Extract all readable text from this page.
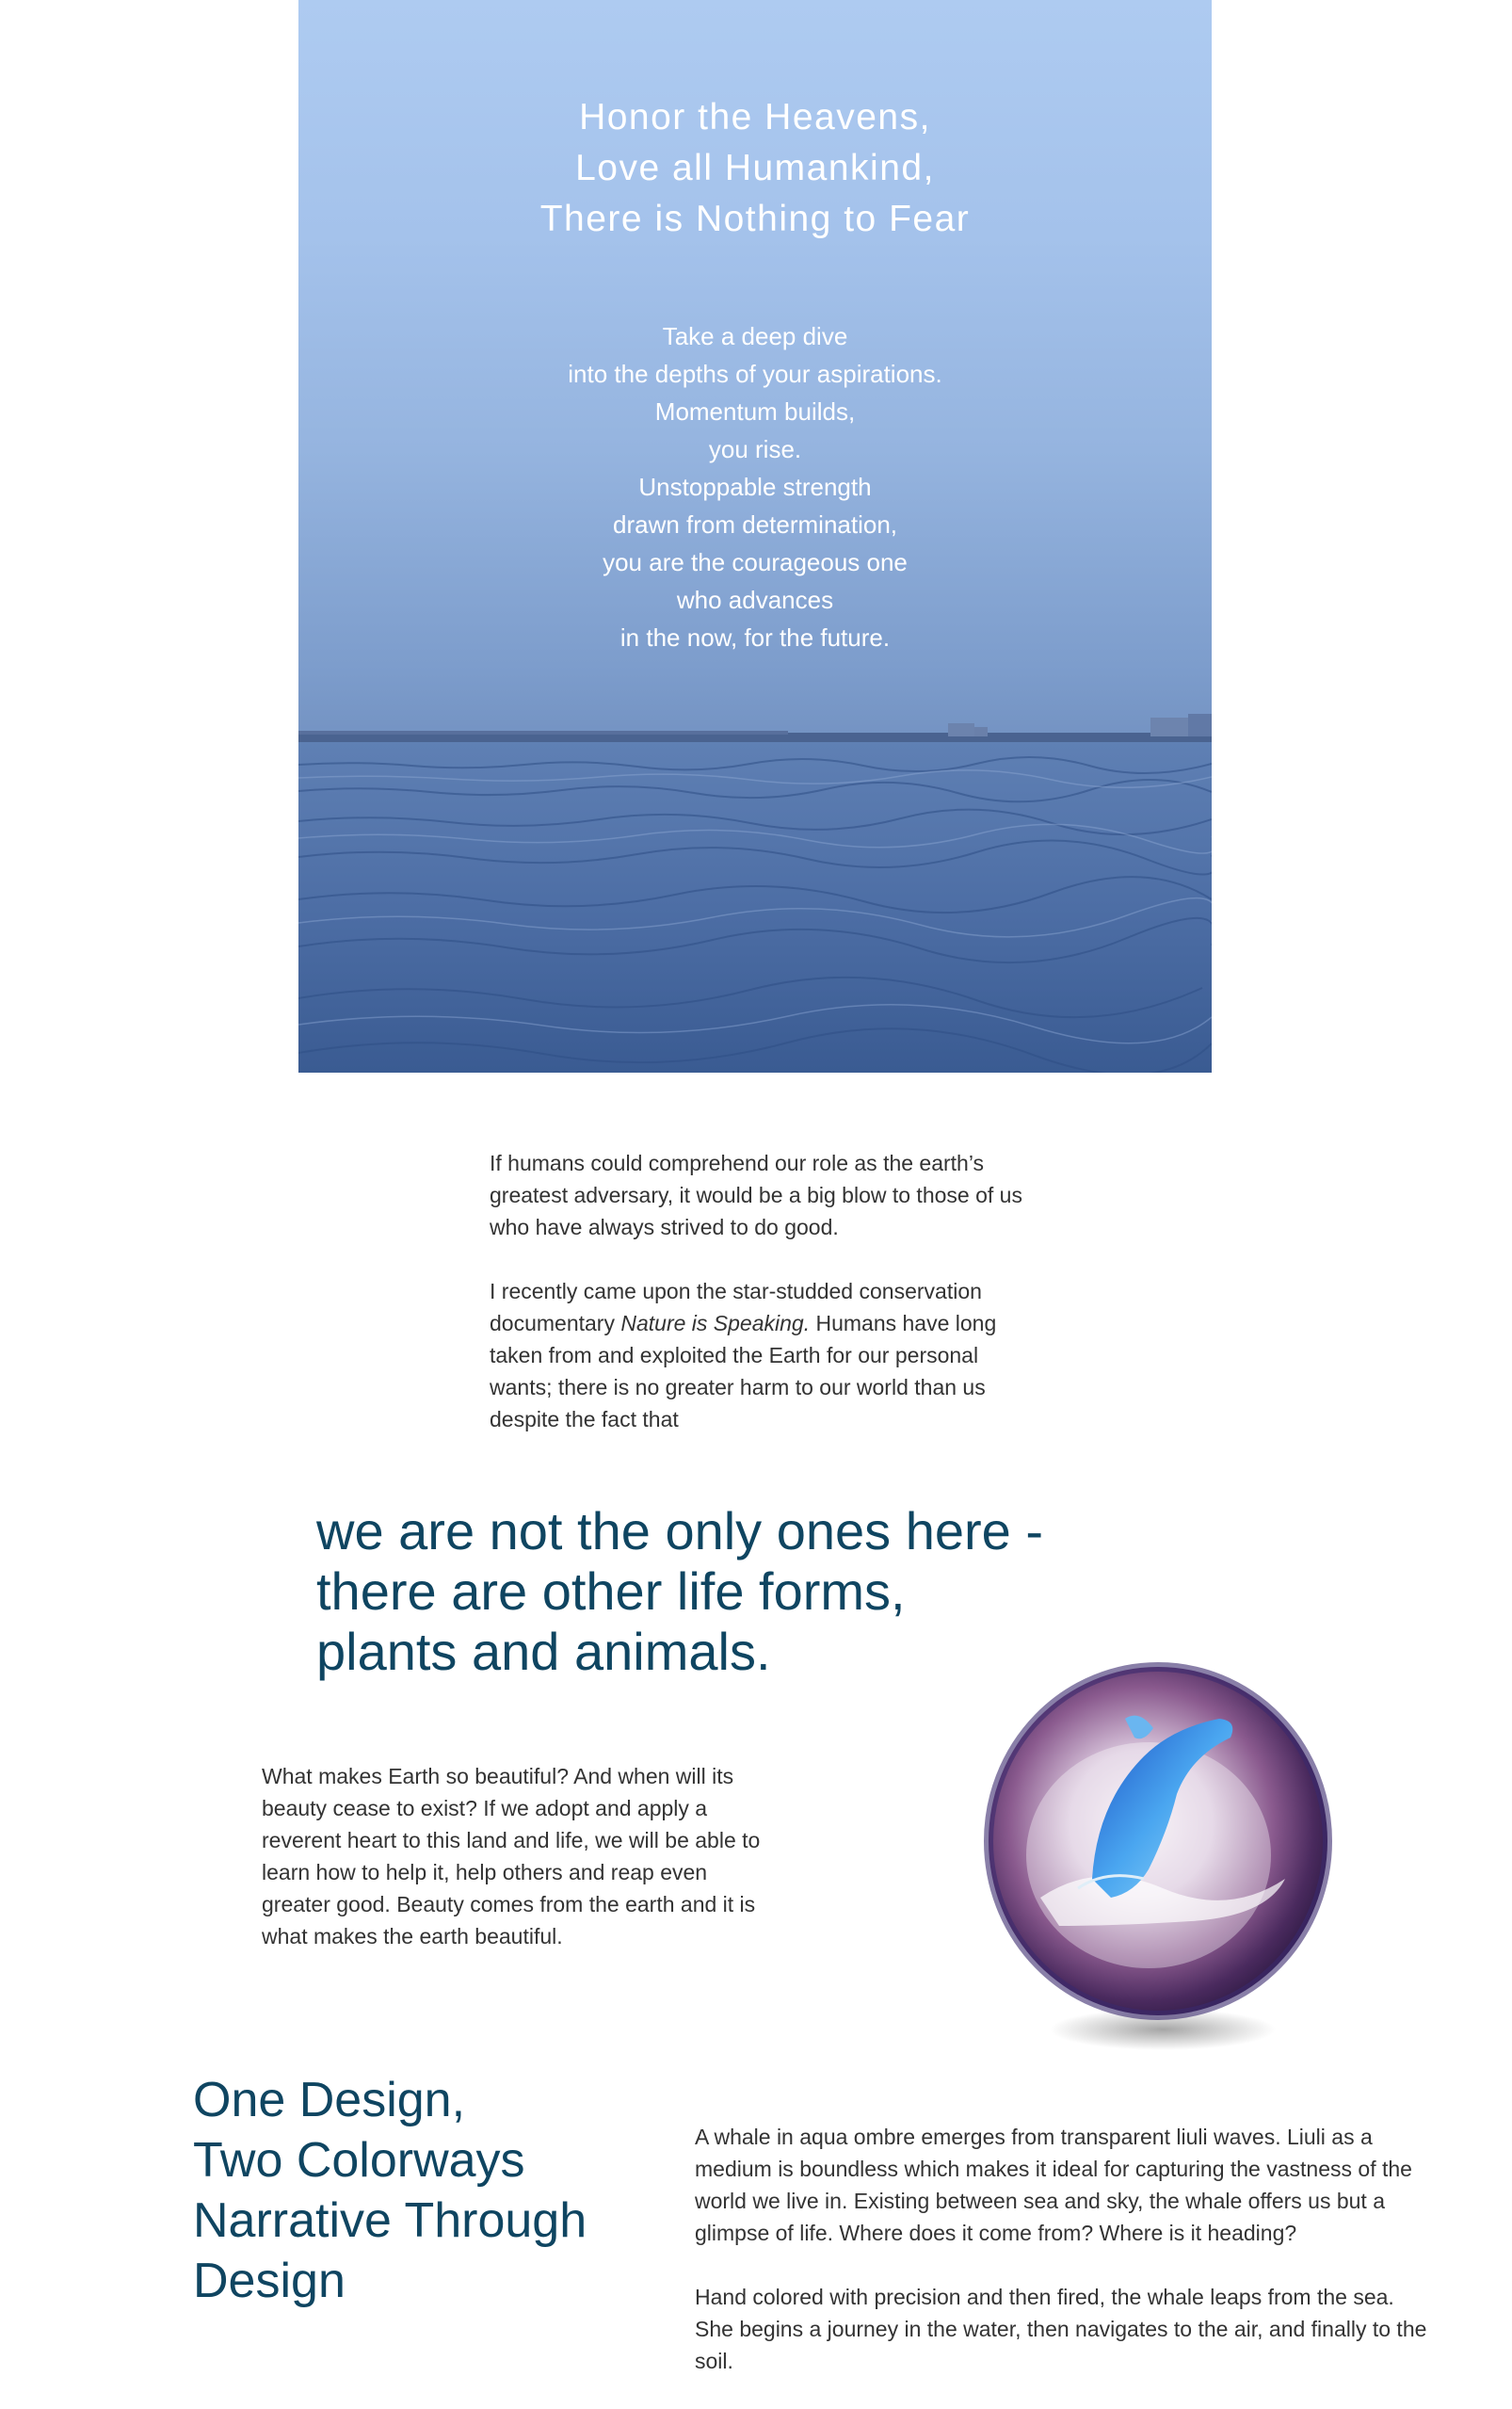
Honor the Heavens,
Love all Humankind,
There is Nothing to Fear
Take a deep dive
into the depths of your aspirations.
Momentum builds,
you rise.
Unstoppable strength
drawn from determination,
you are the courageous one
who advances
in the now, for the future.

If humans could comprehend our role as the earth’s greatest adversary, it would be a big blow to those of us who have always strived to do good.

I recently came upon the star-studded conservation documentary Nature is Speaking. Humans have long taken from and exploited the Earth for our personal wants; there is no greater harm to our world than us despite the fact that

we are not the only ones here -
there are other life forms,
plants and animals.
What makes Earth so beautiful? And when will its beauty cease to exist? If we adopt and apply a reverent heart to this land and life, we will be able to learn how to help it, help others and reap even greater good. Beauty comes from the earth and it is what makes the earth beautiful.
One Design,
Two Colorways
Narrative Through
Design

A whale in aqua ombre emerges from transparent liuli waves. Liuli as a medium is boundless which makes it ideal for capturing the vastness of the world we live in. Existing between sea and sky, the whale offers us but a glimpse of life. Where does it come from? Where is it heading?

Hand colored with precision and then fired, the whale leaps from the sea. She begins a journey in the water, then navigates to the air, and finally to the soil.
